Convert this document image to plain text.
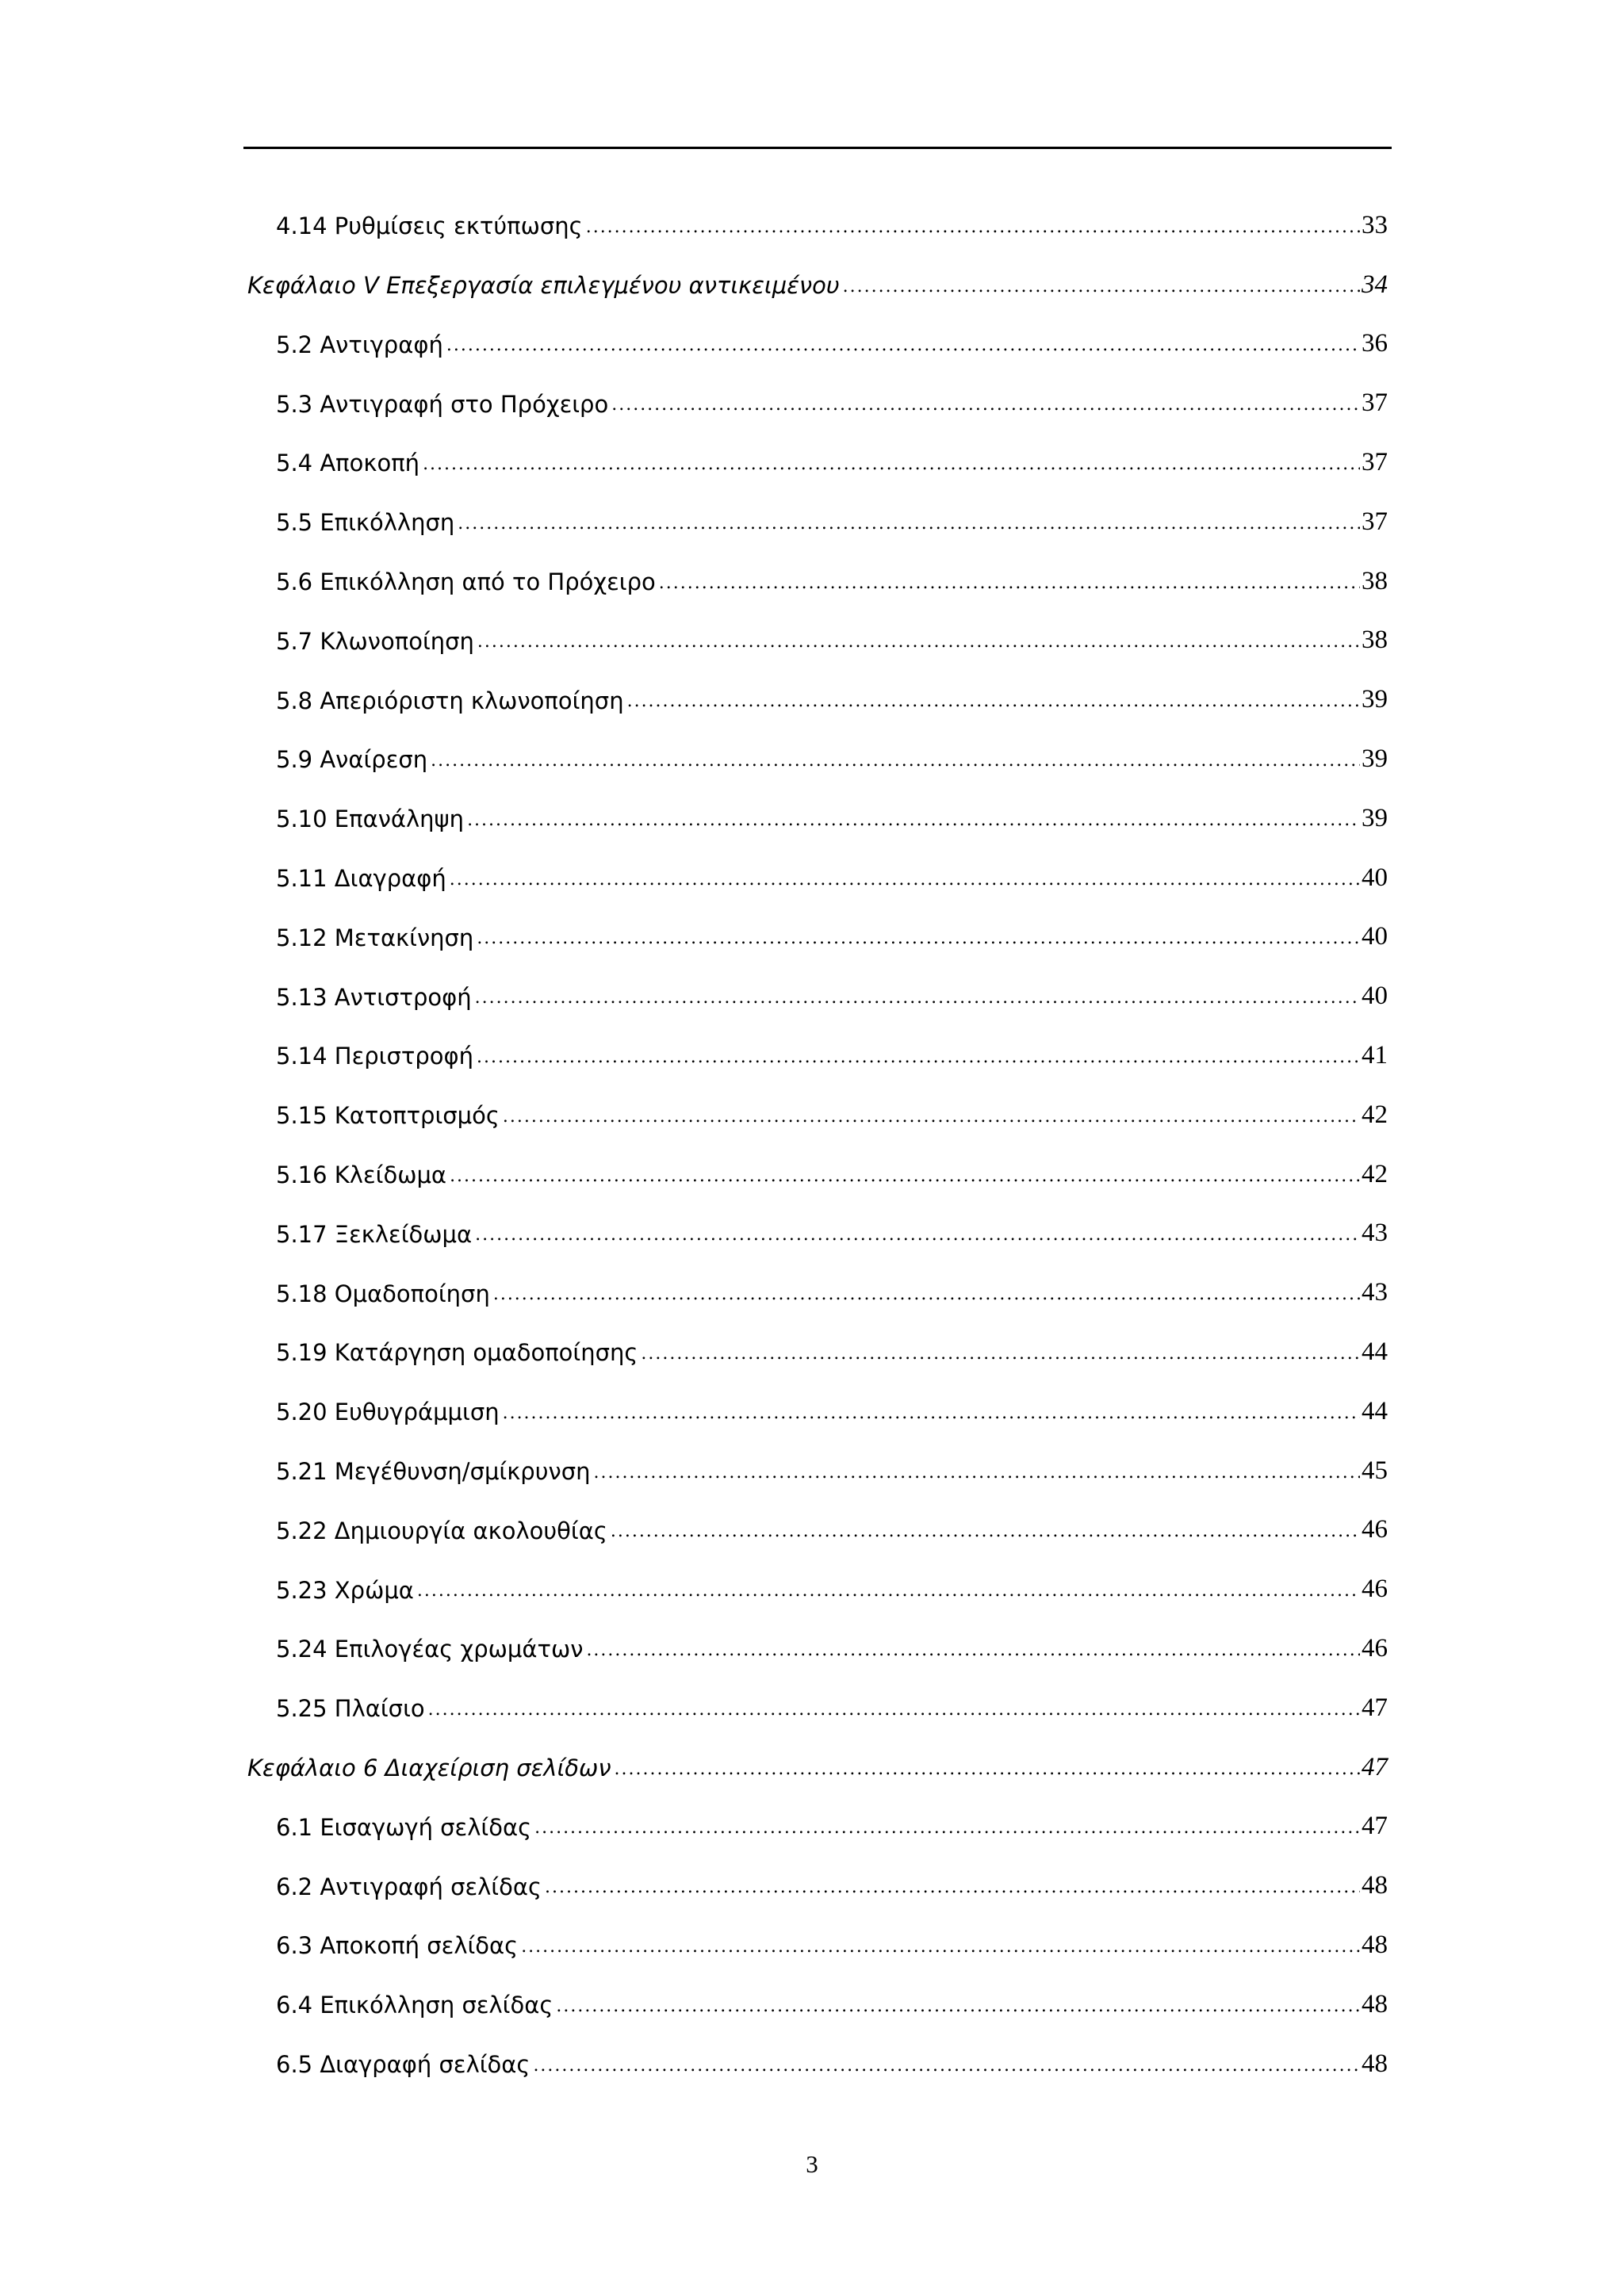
4.14 Ρυθμίσεις εκτύπωσης .....	33
Κεφάλαιο V Επεξεργασία επιλεγμένου αντικειμένου .....	34
5.2 Αντιγραφή .....	36
5.3 Αντιγραφή στο Πρόχειρο .....	37
5.4 Αποκοπή .....	37
5.5 Επικόλληση .....	37
5.6 Επικόλληση από το Πρόχειρο .....	38
5.7 Κλωνοποίηση .....	38
5.8 Απεριόριστη κλωνοποίηση .....	39
5.9 Αναίρεση .....	39
5.10 Επανάληψη .....	39
5.11 Διαγραφή .....	40
5.12 Μετακίνηση .....	40
5.13 Αντιστροφή .....	40
5.14 Περιστροφή .....	41
5.15 Κατοπτρισμός .....	42
5.16 Κλείδωμα .....	42
5.17 Ξεκλείδωμα .....	43
5.18 Ομαδοποίηση .....	43
5.19 Κατάργηση ομαδοποίησης .....	44
5.20 Ευθυγράμμιση .....	44
5.21 Μεγέθυνση/σμίκρυνση .....	45
5.22 Δημιουργία ακολουθίας .....	46
5.23 Χρώμα .....	46
5.24 Επιλογέας χρωμάτων .....	46
5.25 Πλαίσιο .....	47
Κεφάλαιο 6 Διαχείριση σελίδων .....	47
6.1 Εισαγωγή σελίδας .....	47
6.2 Αντιγραφή σελίδας .....	48
6.3 Αποκοπή σελίδας .....	48
6.4 Επικόλληση σελίδας .....	48
6.5 Διαγραφή σελίδας .....	48
3
